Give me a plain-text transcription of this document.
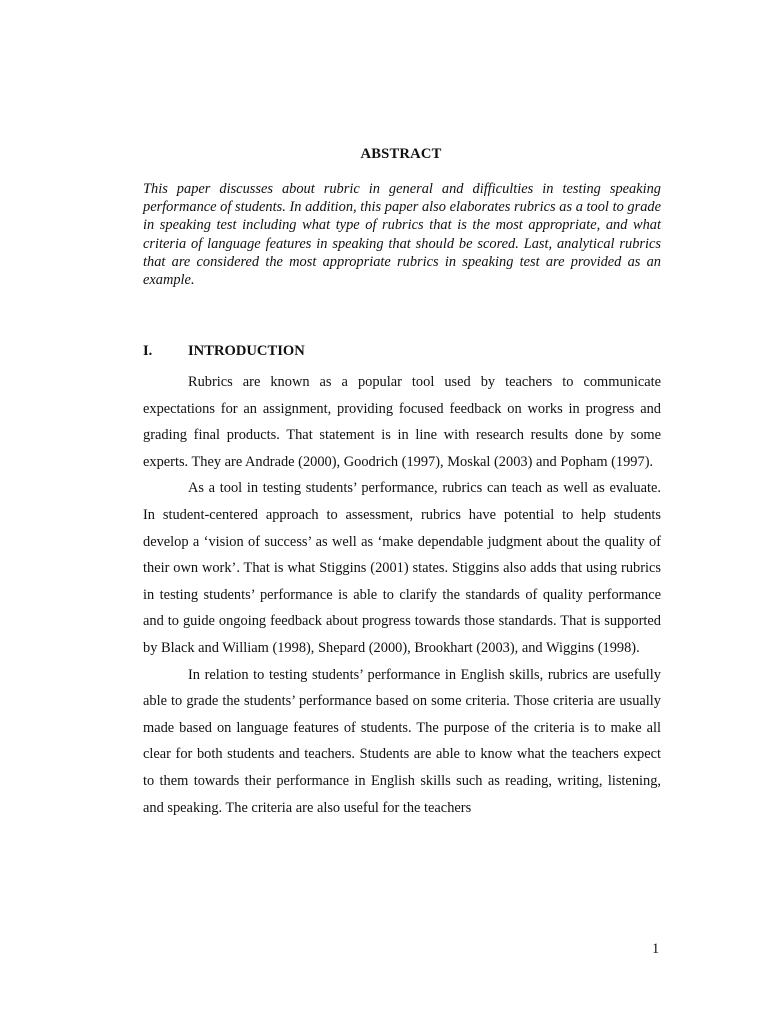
ABSTRACT

This paper discusses about rubric in general and difficulties in testing speaking performance of students. In addition, this paper also elaborates rubrics as a tool to grade in speaking test including what type of rubrics that is the most appropriate, and what criteria of language features in speaking that should be scored. Last, analytical rubrics that are considered the most appropriate rubrics in speaking test are provided as an example.

I. INTRODUCTION

Rubrics are known as a popular tool used by teachers to communicate expectations for an assignment, providing focused feedback on works in progress and grading final products. That statement is in line with research results done by some experts. They are Andrade (2000), Goodrich (1997), Moskal (2003) and Popham (1997).

As a tool in testing students’ performance, rubrics can teach as well as evaluate. In student-centered approach to assessment, rubrics have potential to help students develop a ‘vision of success’ as well as ‘make dependable judgment about the quality of their own work’. That is what Stiggins (2001) states. Stiggins also adds that using rubrics in testing students’ performance is able to clarify the standards of quality performance and to guide ongoing feedback about progress towards those standards. That is supported by Black and William (1998), Shepard (2000), Brookhart (2003), and Wiggins (1998).

In relation to testing students’ performance in English skills, rubrics are usefully able to grade the students’ performance based on some criteria. Those criteria are usually made based on language features of students. The purpose of the criteria is to make all clear for both students and teachers. Students are able to know what the teachers expect to them towards their performance in English skills such as reading, writing, listening, and speaking. The criteria are also useful for the teachers

1
